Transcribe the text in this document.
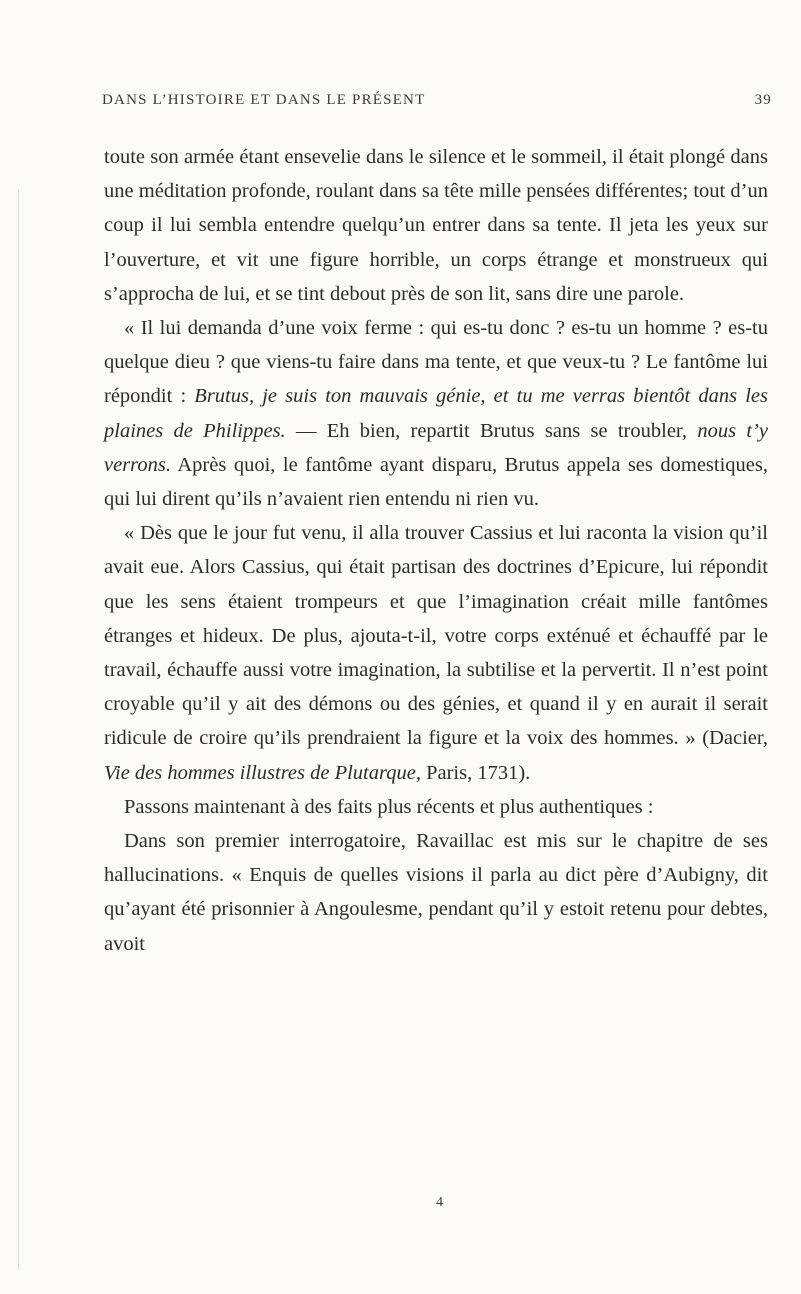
DANS L’HISTOIRE ET DANS LE PRÉSENT	39

toute son armée étant ensevelie dans le silence et le sommeil, il était plongé dans une méditation profonde, roulant dans sa tête mille pensées différentes; tout d’un coup il lui sembla entendre quelqu’un entrer dans sa tente. Il jeta les yeux sur l’ouverture, et vit une figure horrible, un corps étrange et monstrueux qui s’approcha de lui, et se tint debout près de son lit, sans dire une parole.

« Il lui demanda d’une voix ferme : qui es-tu donc ? es-tu un homme ? es-tu quelque dieu ? que viens-tu faire dans ma tente, et que veux-tu ? Le fantôme lui répondit : Brutus, je suis ton mauvais génie, et tu me verras bientôt dans les plaines de Philippes. — Eh bien, repartit Brutus sans se troubler, nous t’y verrons. Après quoi, le fantôme ayant disparu, Brutus appela ses domestiques, qui lui dirent qu’ils n’avaient rien entendu ni rien vu.

« Dès que le jour fut venu, il alla trouver Cassius et lui raconta la vision qu’il avait eue. Alors Cassius, qui était partisan des doctrines d’Epicure, lui répondit que les sens étaient trompeurs et que l’imagination créait mille fantômes étranges et hideux. De plus, ajouta-t-il, votre corps exténué et échauffé par le travail, échauffe aussi votre imagination, la subtilise et la pervertit. Il n’est point croyable qu’il y ait des démons ou des génies, et quand il y en aurait il serait ridicule de croire qu’ils prendraient la figure et la voix des hommes. » (Dacier, Vie des hommes illustres de Plutarque, Paris, 1731).

Passons maintenant à des faits plus récents et plus authentiques :

Dans son premier interrogatoire, Ravaillac est mis sur le chapitre de ses hallucinations. « Enquis de quelles visions il parla au dict père d’Aubigny, dit qu’ayant été prisonnier à Angoulesme, pendant qu’il y estoit retenu pour debtes, avoit

4
